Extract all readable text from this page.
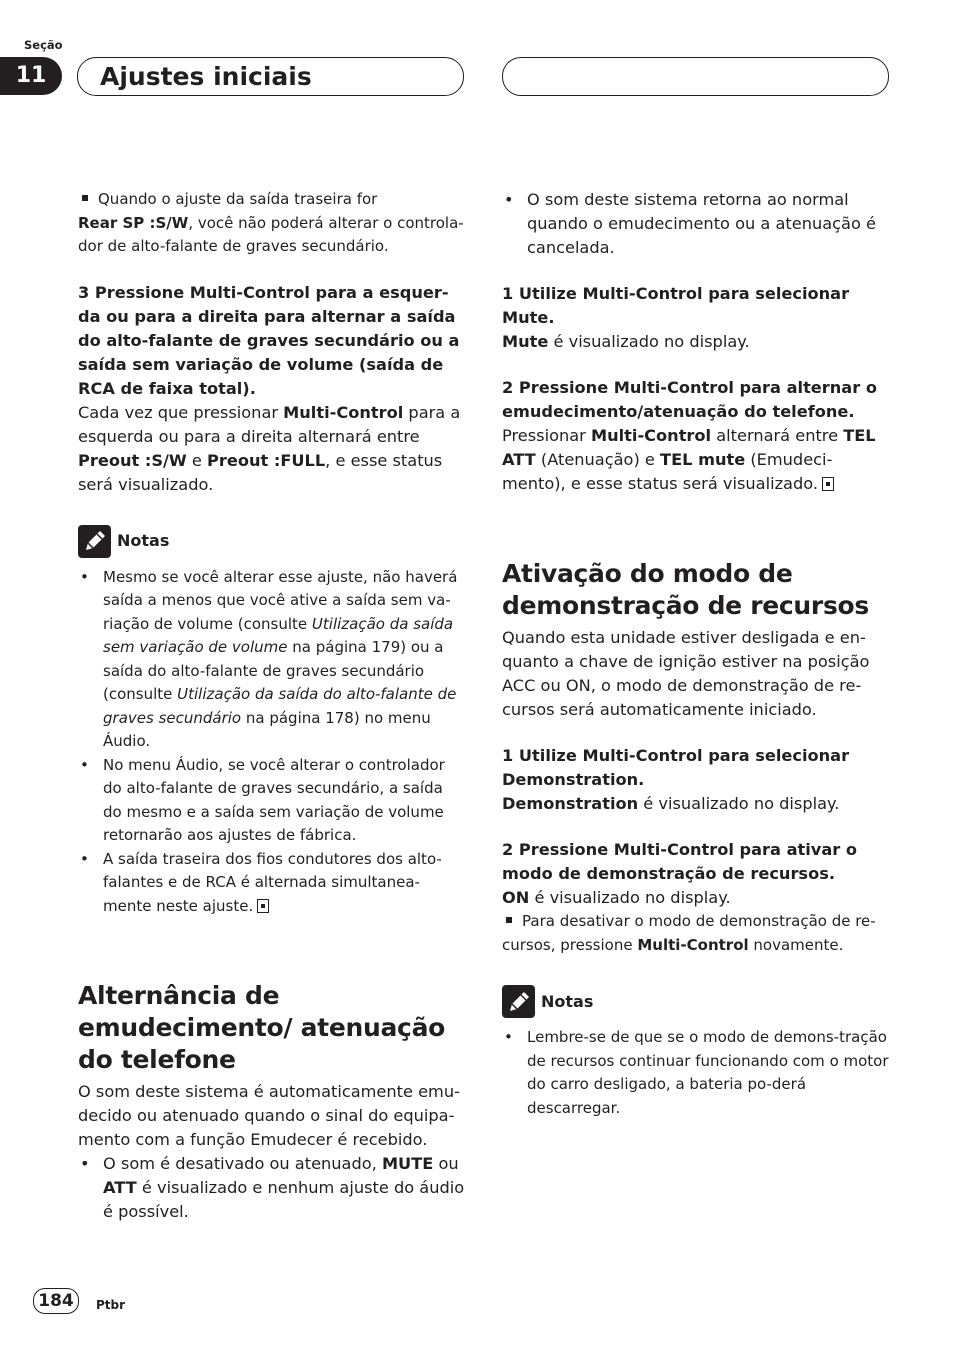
Seção
11	Ajustes iniciais

Quando o ajuste da saída traseira for
Rear SP :S/W, você não poderá alterar o controla-dor de alto-falante de graves secundário.

3 Pressione Multi-Control para a esquer-da ou para a direita para alternar a saída do alto-falante de graves secundário ou a saída sem variação de volume (saída de RCA de faixa total).

Cada vez que pressionar Multi-Control para a esquerda ou para a direita alternará entre Preout :S/W e Preout :FULL, e esse status será visualizado.

Notas
• Mesmo se você alterar esse ajuste, não haverá saída a menos que você ative a saída sem va-riação de volume (consulte Utilização da saída sem variação de volume na página 179) ou a saída do alto-falante de graves secundário (consulte Utilização da saída do alto-falante de graves secundário na página 178) no menu Áudio.
• No menu Áudio, se você alterar o controlador do alto-falante de graves secundário, a saída do mesmo e a saída sem variação de volume retornarão aos ajustes de fábrica.
• A saída traseira dos fios condutores dos alto-falantes e de RCA é alternada simultanea-mente neste ajuste.
Alternância de emudecimento/ atenuação do telefone

O som deste sistema é automaticamente emu-decido ou atenuado quando o sinal do equipa-mento com a função Emudecer é recebido.

• O som é desativado ou atenuado, MUTE ou ATT é visualizado e nenhum ajuste do áudio é possível.
• O som deste sistema retorna ao normal quando o emudecimento ou a atenuação é cancelada.

1 Utilize Multi-Control para selecionar Mute.

Mute é visualizado no display.

2 Pressione Multi-Control para alternar o emudecimento/atenuação do telefone.

Pressionar Multi-Control alternará entre TEL ATT (Atenuação) e TEL mute (Emudeci-mento), e esse status será visualizado.

Ativação do modo de demonstração de recursos

Quando esta unidade estiver desligada e en-quanto a chave de ignição estiver na posição ACC ou ON, o modo de demonstração de re-cursos será automaticamente iniciado.

1 Utilize Multi-Control para selecionar Demonstration.

Demonstration é visualizado no display.

2 Pressione Multi-Control para ativar o modo de demonstração de recursos.

ON é visualizado no display.

Para desativar o modo de demonstração de re-cursos, pressione Multi-Control novamente.

Notas
• Lembre-se de que se o modo de demons-tração de recursos continuar funcionando com o motor do carro desligado, a bateria po-derá descarregar.
184	Ptbr
